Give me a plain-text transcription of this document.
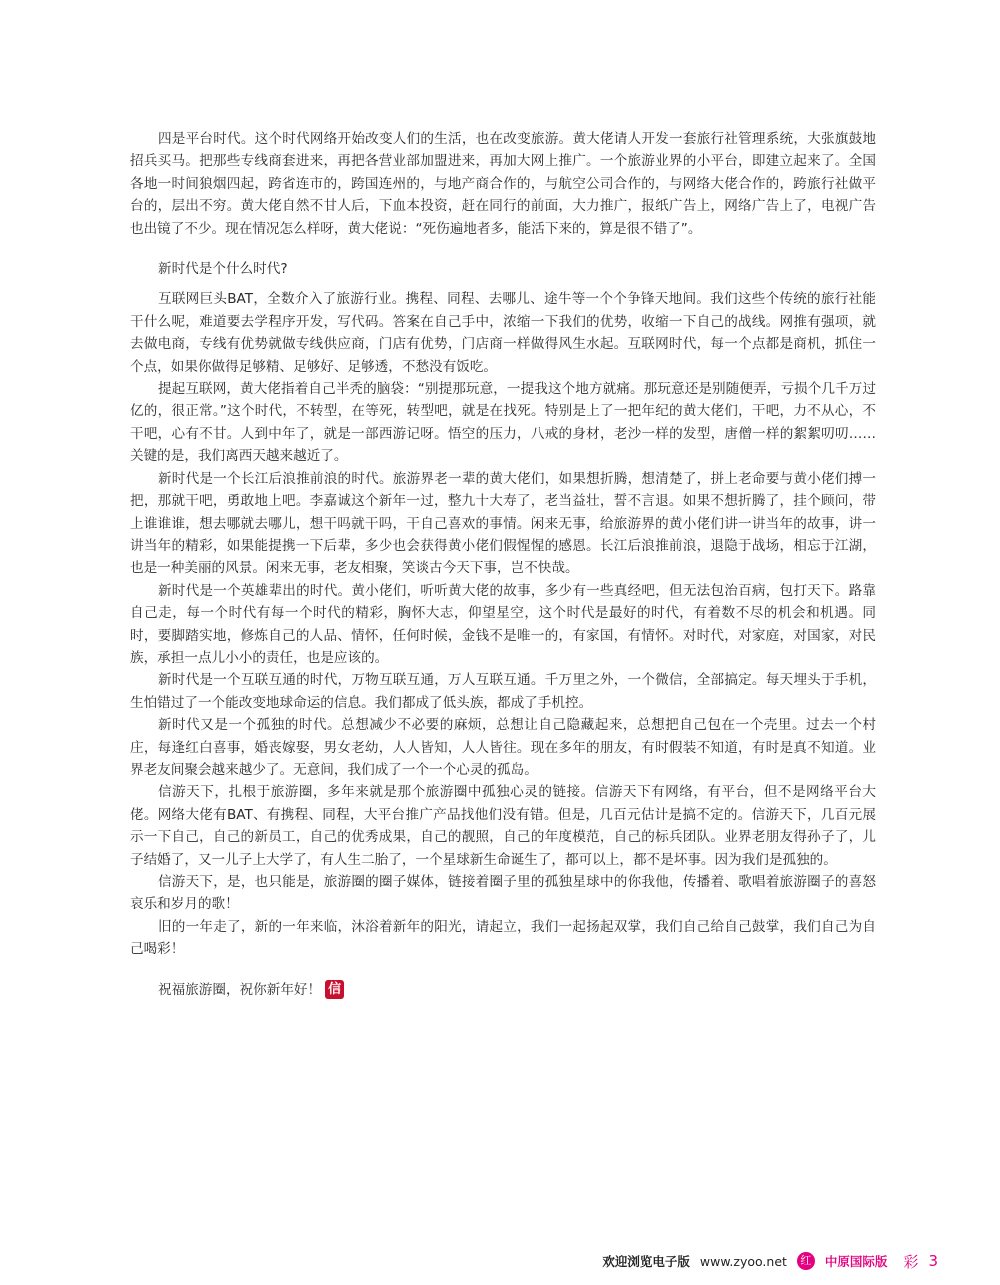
四是平台时代。这个时代网络开始改变人们的生活，也在改变旅游。黄大佬请人开发一套旅行社管理系统，大张旗鼓地招兵买马。把那些专线商套进来，再把各营业部加盟进来，再加大网上推广。一个旅游业界的小平台，即建立起来了。全国各地一时间狼烟四起，跨省连市的，跨国连州的，与地产商合作的，与航空公司合作的，与网络大佬合作的，跨旅行社做平台的，层出不穷。黄大佬自然不甘人后，下血本投资，赶在同行的前面，大力推广，报纸广告上，网络广告上了，电视广告也出镜了不少。现在情况怎么样呀，黄大佬说：“死伤遍地者多，能活下来的，算是很不错了”。

新时代是个什么时代?

互联网巨头BAT，全数介入了旅游行业。携程、同程、去哪儿、途牛等一个个争锋天地间。我们这些个传统的旅行社能干什么呢，难道要去学程序开发，写代码。答案在自己手中，浓缩一下我们的优势，收缩一下自己的战线。网推有强项，就去做电商，专线有优势就做专线供应商，门店有优势，门店商一样做得风生水起。互联网时代，每一个点都是商机，抓住一个点，如果你做得足够精、足够好、足够透，不愁没有饭吃。

提起互联网，黄大佬指着自己半秃的脑袋：“别提那玩意，一提我这个地方就痛。那玩意还是别随便弄，亏损个几千万过亿的，很正常。”这个时代，不转型，在等死，转型吧，就是在找死。特别是上了一把年纪的黄大佬们，干吧，力不从心，不干吧，心有不甘。人到中年了，就是一部西游记呀。悟空的压力，八戒的身材，老沙一样的发型，唐僧一样的絮絮叨叨……关键的是，我们离西天越来越近了。

新时代是一个长江后浪推前浪的时代。旅游界老一辈的黄大佬们，如果想折腾，想清楚了，拼上老命要与黄小佬们搏一把，那就干吧，勇敢地上吧。李嘉诚这个新年一过，整九十大寿了，老当益壮，誓不言退。如果不想折腾了，挂个顾问，带上谁谁谁，想去哪就去哪儿，想干吗就干吗，干自己喜欢的事情。闲来无事，给旅游界的黄小佬们讲一讲当年的故事，讲一讲当年的精彩，如果能提携一下后辈，多少也会获得黄小佬们假惺惺的感恩。长江后浪推前浪，退隐于战场，相忘于江湖，也是一种美丽的风景。闲来无事，老友相聚，笑谈古今天下事，岂不快哉。

新时代是一个英雄辈出的时代。黄小佬们，听听黄大佬的故事，多少有一些真经吧，但无法包治百病，包打天下。路靠自己走，每一个时代有每一个时代的精彩，胸怀大志，仰望星空，这个时代是最好的时代，有着数不尽的机会和机遇。同时，要脚踏实地，修炼自己的人品、情怀，任何时候，金钱不是唯一的，有家国，有情怀。对时代，对家庭，对国家，对民族，承担一点儿小小的责任，也是应该的。

新时代是一个互联互通的时代，万物互联互通，万人互联互通。千万里之外，一个微信，全部搞定。每天埋头于手机，生怕错过了一个能改变地球命运的信息。我们都成了低头族，都成了手机控。

新时代又是一个孤独的时代。总想减少不必要的麻烦，总想让自己隐藏起来，总想把自己包在一个壳里。过去一个村庄，每逢红白喜事，婚丧嫁娶，男女老幼，人人皆知，人人皆往。现在多年的朋友，有时假装不知道，有时是真不知道。业界老友间聚会越来越少了。无意间，我们成了一个一个心灵的孤岛。

信游天下，扎根于旅游圈，多年来就是那个旅游圈中孤独心灵的链接。信游天下有网络，有平台，但不是网络平台大佬。网络大佬有BAT、有携程、同程，大平台推广产品找他们没有错。但是，几百元估计是搞不定的。信游天下，几百元展示一下自己，自己的新员工，自己的优秀成果，自己的靓照，自己的年度模范，自己的标兵团队。业界老朋友得孙子了，儿子结婚了，又一儿子上大学了，有人生二胎了，一个星球新生命诞生了，都可以上，都不是坏事。因为我们是孤独的。

信游天下，是，也只能是，旅游圈的圈子媒体，链接着圈子里的孤独星球中的你我他，传播着、歌唱着旅游圈子的喜怒哀乐和岁月的歌！

旧的一年走了，新的一年来临，沐浴着新年的阳光，请起立，我们一起扬起双掌，我们自己给自己鼓掌，我们自己为自己喝彩！

祝福旅游圈，祝你新年好！ 信
欢迎浏览电子版 www.zyoo.net	红 中原国际版 彩 3
